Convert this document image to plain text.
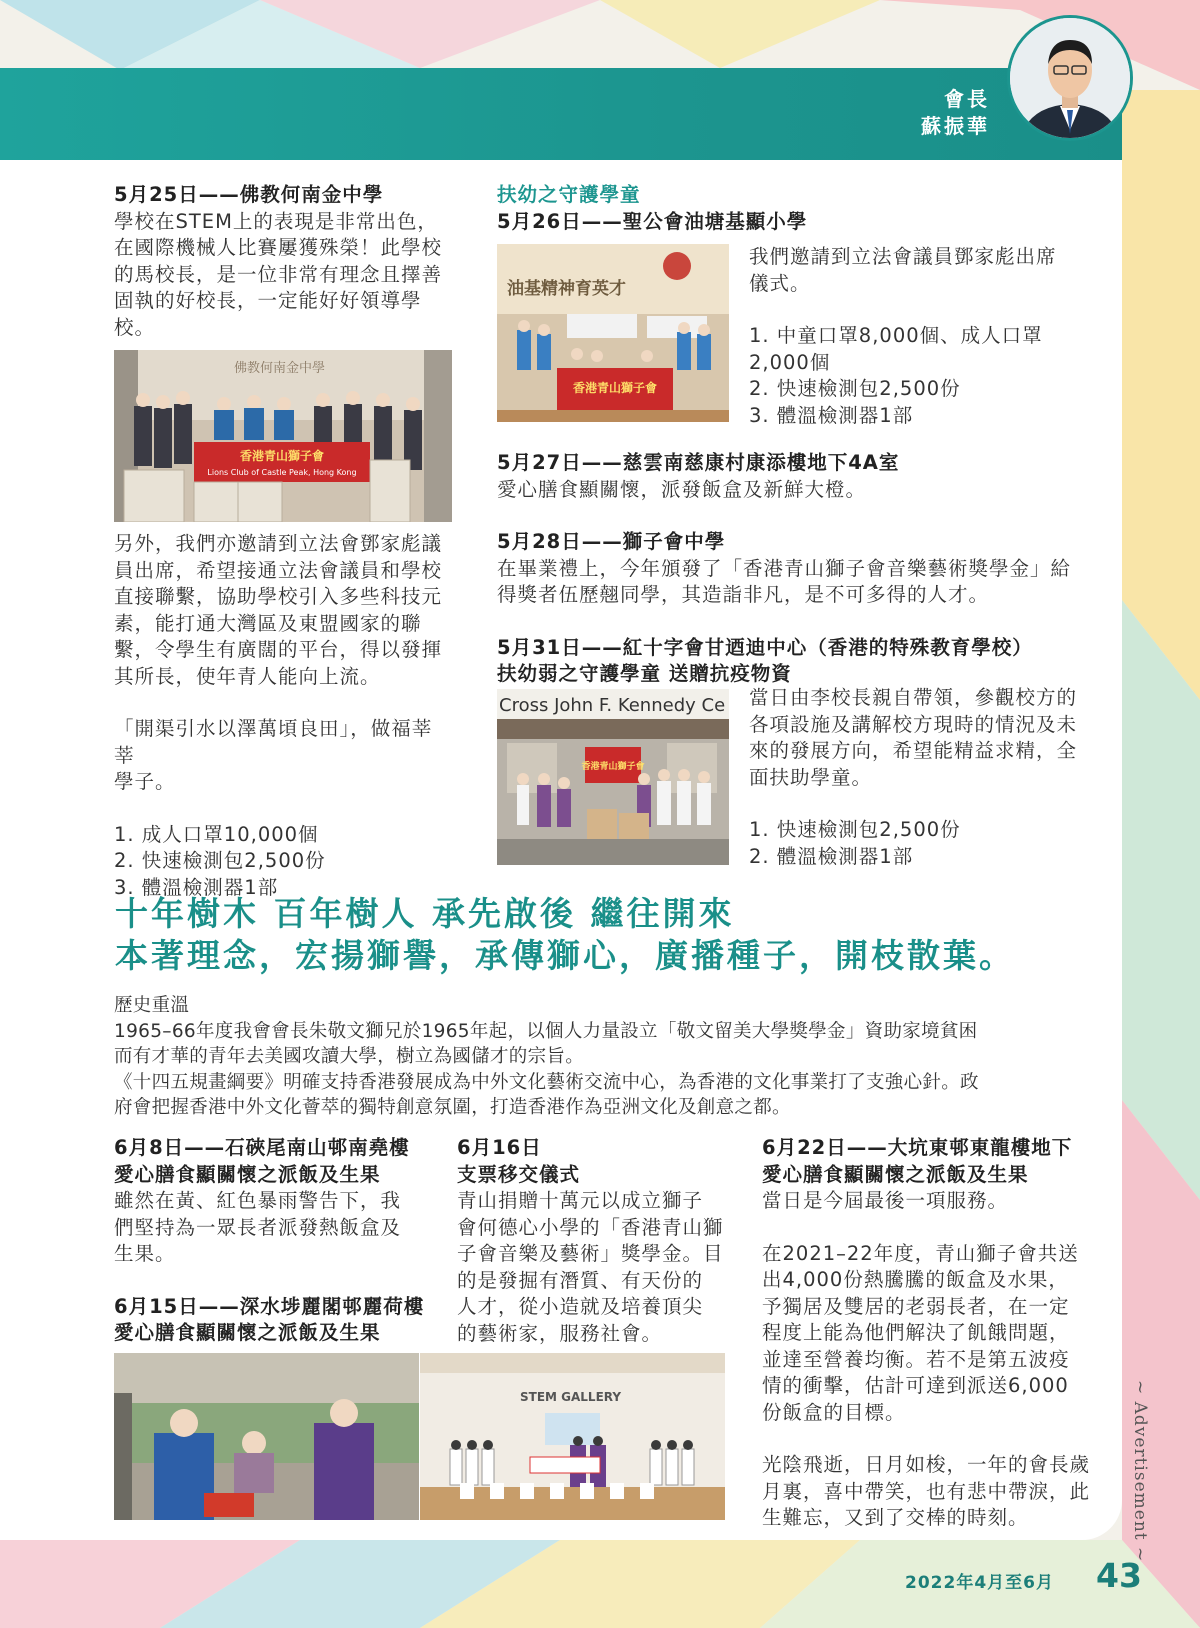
會長
蘇振華
5月25日——佛教何南金中學
學校在STEM上的表現是非常出色，
在國際機械人比賽屢獲殊榮！此學校
的馬校長，是一位非常有理念且擇善
固執的好校長，一定能好好領導學
校。
佛教何南金中學
香港青山獅子會
Lions Club of Castle Peak, Hong Kong
另外，我們亦邀請到立法會鄧家彪議
員出席，希望接通立法會議員和學校
直接聯繫，協助學校引入多些科技元
素，能打通大灣區及東盟國家的聯
繫，令學生有廣闊的平台，得以發揮
其所長，使年青人能向上流。
「開渠引水以澤萬頃良田」，做福莘莘
學子。
1. 成人口罩10,000個
2. 快速檢測包2,500份
3. 體溫檢測器1部
扶幼之守護學童
5月26日——聖公會油塘基顯小學
油基精神育英才
香港青山獅子會
我們邀請到立法會議員鄧家彪出席
儀式。
1. 中童口罩8,000個、成人口罩
2,000個
2. 快速檢測包2,500份
3. 體溫檢測器1部
5月27日——慈雲南慈康村康添樓地下4A室
愛心膳食顯關懷，派發飯盒及新鮮大橙。
5月28日——獅子會中學
在畢業禮上，今年頒發了「香港青山獅子會音樂藝術獎學金」給
得獎者伍歷翹同學，其造詣非凡，是不可多得的人才。
5月31日——紅十字會甘迺迪中心（香港的特殊教育學校）
扶幼弱之守護學童 送贈抗疫物資
Cross John F. Kennedy Ce
香港青山獅子會
當日由李校長親自帶領，參觀校方的
各項設施及講解校方現時的情況及未
來的發展方向，希望能精益求精，全
面扶助學童。
1. 快速檢測包2,500份
2. 體溫檢測器1部
十年樹木 百年樹人 承先啟後 繼往開來
本著理念，宏揚獅譽，承傳獅心，廣播種子，開枝散葉。
歷史重溫
1965–66年度我會會長朱敬文獅兄於1965年起，以個人力量設立「敬文留美大學獎學金」資助家境貧困
而有才華的青年去美國攻讀大學，樹立為國儲才的宗旨。
《十四五規畫綱要》明確支持香港發展成為中外文化藝術交流中心，為香港的文化事業打了支強心針。政
府會把握香港中外文化薈萃的獨特創意氛圍，打造香港作為亞洲文化及創意之都。
6月8日——石硤尾南山邨南堯樓
愛心膳食顯關懷之派飯及生果
雖然在黃、紅色暴雨警告下，我
們堅持為一眾長者派發熱飯盒及
生果。
6月15日——深水埗麗閣邨麗荷樓
愛心膳食顯關懷之派飯及生果
6月16日
支票移交儀式
青山捐贈十萬元以成立獅子
會何德心小學的「香港青山獅
子會音樂及藝術」獎學金。目
的是發掘有潛質、有天份的
人才，從小造就及培養頂尖
的藝術家，服務社會。
6月22日——大坑東邨東龍樓地下
愛心膳食顯關懷之派飯及生果
當日是今屆最後一項服務。
在2021–22年度，青山獅子會共送
出4,000份熱騰騰的飯盒及水果，
予獨居及雙居的老弱長者，在一定
程度上能為他們解決了飢餓問題，
並達至營養均衡。若不是第五波疫
情的衝擊，估計可達到派送6,000
份飯盒的目標。
光陰飛逝，日月如梭，一年的會長歲
月裏，喜中帶笑，也有悲中帶淚，此
生難忘，又到了交棒的時刻。
STEM GALLERY
2022年4月至6月 43
~ Advertisement ~
